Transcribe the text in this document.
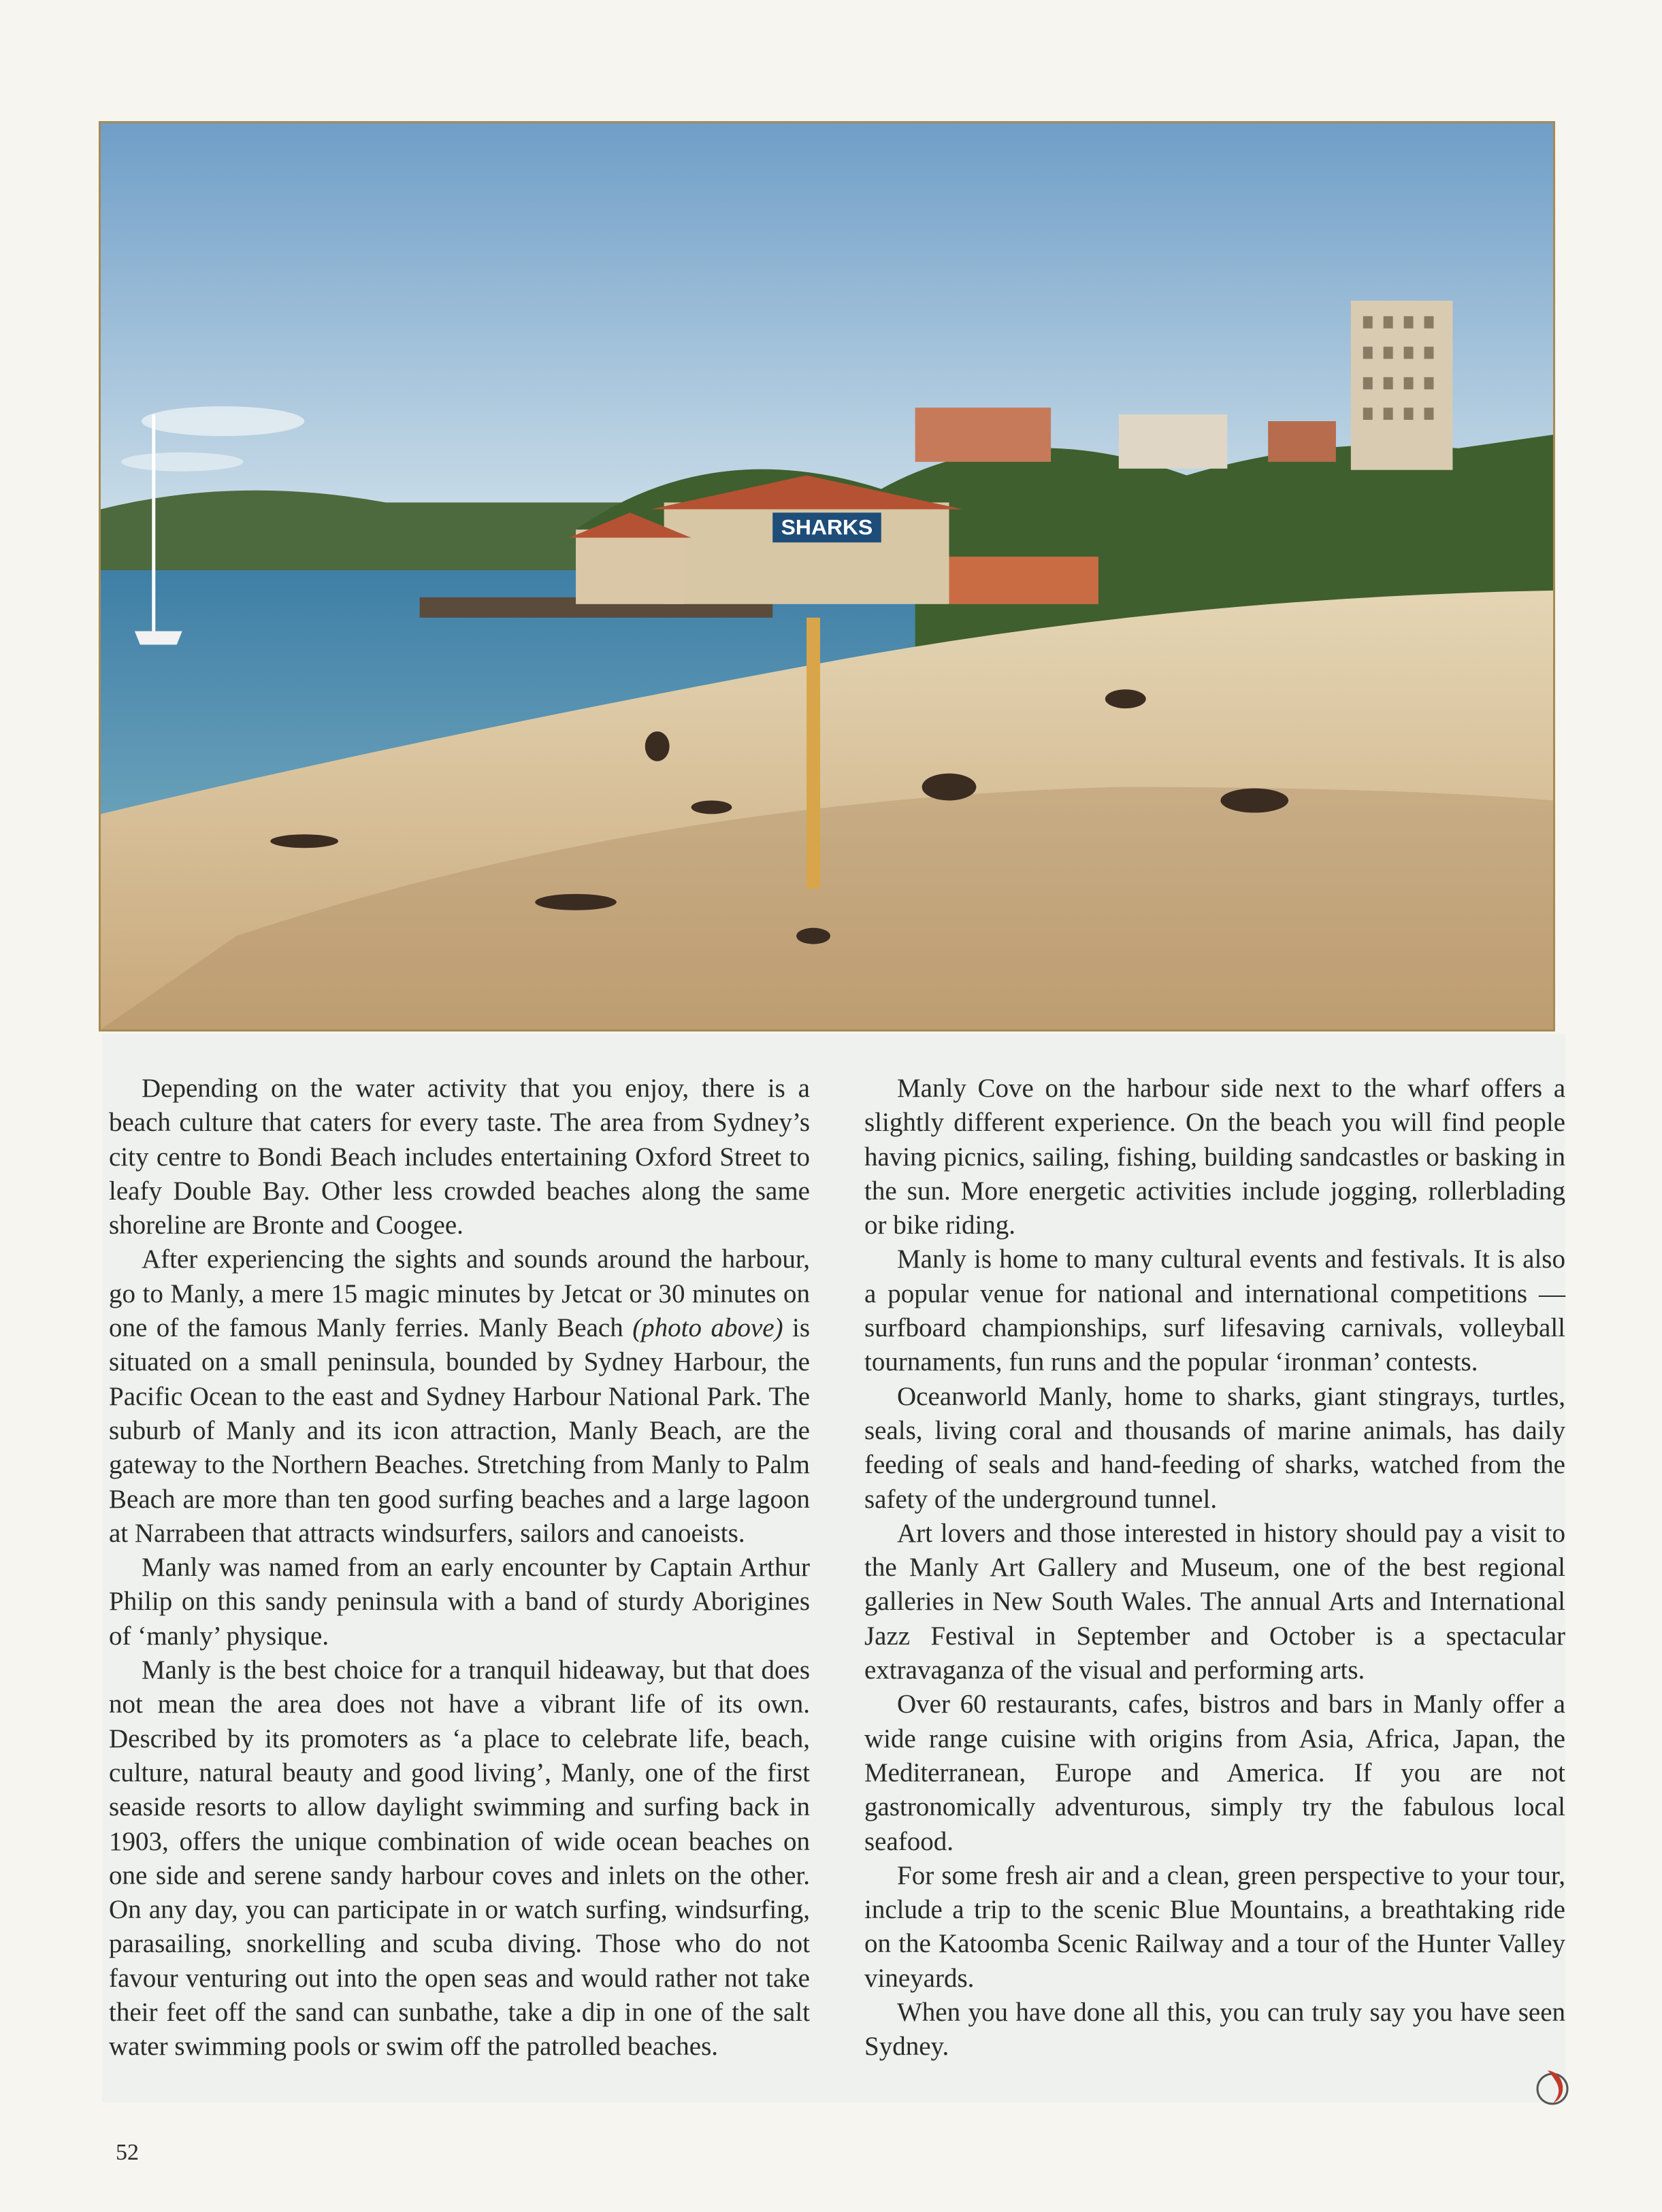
SHARKS

Depending on the water activity that you enjoy, there is a beach culture that caters for every taste. The area from Sydney’s city centre to Bondi Beach includes entertaining Oxford Street to leafy Double Bay. Other less crowded beaches along the same shoreline are Bronte and Coogee.

After experiencing the sights and sounds around the harbour, go to Manly, a mere 15 magic minutes by Jetcat or 30 minutes on one of the famous Manly ferries. Manly Beach (photo above) is situated on a small peninsula, bounded by Sydney Harbour, the Pacific Ocean to the east and Sydney Harbour National Park. The suburb of Manly and its icon attraction, Manly Beach, are the gateway to the Northern Beaches. Stretching from Manly to Palm Beach are more than ten good surfing beaches and a large lagoon at Narrabeen that attracts windsurfers, sailors and canoeists.

Manly was named from an early encounter by Captain Arthur Philip on this sandy peninsula with a band of sturdy Aborigines of ‘manly’ physique.

Manly is the best choice for a tranquil hideaway, but that does not mean the area does not have a vibrant life of its own. Described by its promoters as ‘a place to celebrate life, beach, culture, natural beauty and good living’, Manly, one of the first seaside resorts to allow daylight swimming and surfing back in 1903, offers the unique combination of wide ocean beaches on one side and serene sandy harbour coves and inlets on the other. On any day, you can participate in or watch surfing, windsurfing, parasailing, snorkelling and scuba diving. Those who do not favour venturing out into the open seas and would rather not take their feet off the sand can sunbathe, take a dip in one of the salt water swimming pools or swim off the patrolled beaches.

Manly Cove on the harbour side next to the wharf offers a slightly different experience. On the beach you will find people having picnics, sailing, fishing, building sandcastles or basking in the sun. More energetic activities include jogging, rollerblading or bike riding.

Manly is home to many cultural events and festivals. It is also a popular venue for national and international competitions — surfboard championships, surf lifesaving carnivals, volleyball tournaments, fun runs and the popular ‘ironman’ contests.

Oceanworld Manly, home to sharks, giant stingrays, turtles, seals, living coral and thousands of marine animals, has daily feeding of seals and hand-feeding of sharks, watched from the safety of the underground tunnel.

Art lovers and those interested in history should pay a visit to the Manly Art Gallery and Museum, one of the best regional galleries in New South Wales. The annual Arts and International Jazz Festival in September and October is a spectacular extravaganza of the visual and performing arts.

Over 60 restaurants, cafes, bistros and bars in Manly offer a wide range cuisine with origins from Asia, Africa, Japan, the Mediterranean, Europe and America. If you are not gastronomically adventurous, simply try the fabulous local seafood.

For some fresh air and a clean, green perspective to your tour, include a trip to the scenic Blue Mountains, a breathtaking ride on the Katoomba Scenic Railway and a tour of the Hunter Valley vineyards.

When you have done all this, you can truly say you have seen Sydney.

52
